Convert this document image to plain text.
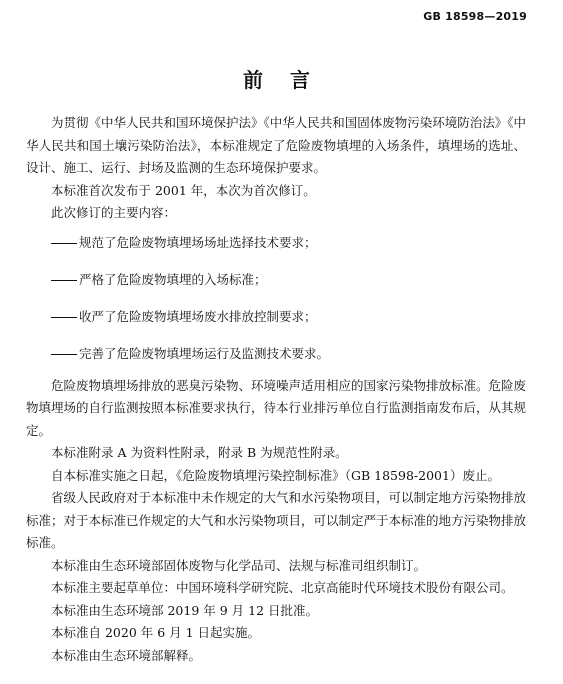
GB 18598—2019
前 言

为贯彻《中华人民共和国环境保护法》《中华人民共和国固体废物污染环境防治法》《中华人民共和国土壤污染防治法》，本标准规定了危险废物填埋的入场条件，填埋场的选址、设计、施工、运行、封场及监测的生态环境保护要求。

本标准首次发布于 2001 年，本次为首次修订。

此次修订的主要内容：

规范了危险废物填埋场场址选择技术要求；
严格了危险废物填埋的入场标准；
收严了危险废物填埋场废水排放控制要求；
完善了危险废物填埋场运行及监测技术要求。

危险废物填埋场排放的恶臭污染物、环境噪声适用相应的国家污染物排放标准。危险废物填埋场的自行监测按照本标准要求执行，待本行业排污单位自行监测指南发布后，从其规定。

本标准附录 A 为资料性附录，附录 B 为规范性附录。

自本标准实施之日起，《危险废物填埋污染控制标准》（GB 18598-2001）废止。

省级人民政府对于本标准中未作规定的大气和水污染物项目，可以制定地方污染物排放标准；对于本标准已作规定的大气和水污染物项目，可以制定严于本标准的地方污染物排放标准。

本标准由生态环境部固体废物与化学品司、法规与标准司组织制订。

本标准主要起草单位：中国环境科学研究院、北京高能时代环境技术股份有限公司。

本标准由生态环境部 2019 年 9 月 12 日批准。

本标准自 2020 年 6 月 1 日起实施。

本标准由生态环境部解释。
